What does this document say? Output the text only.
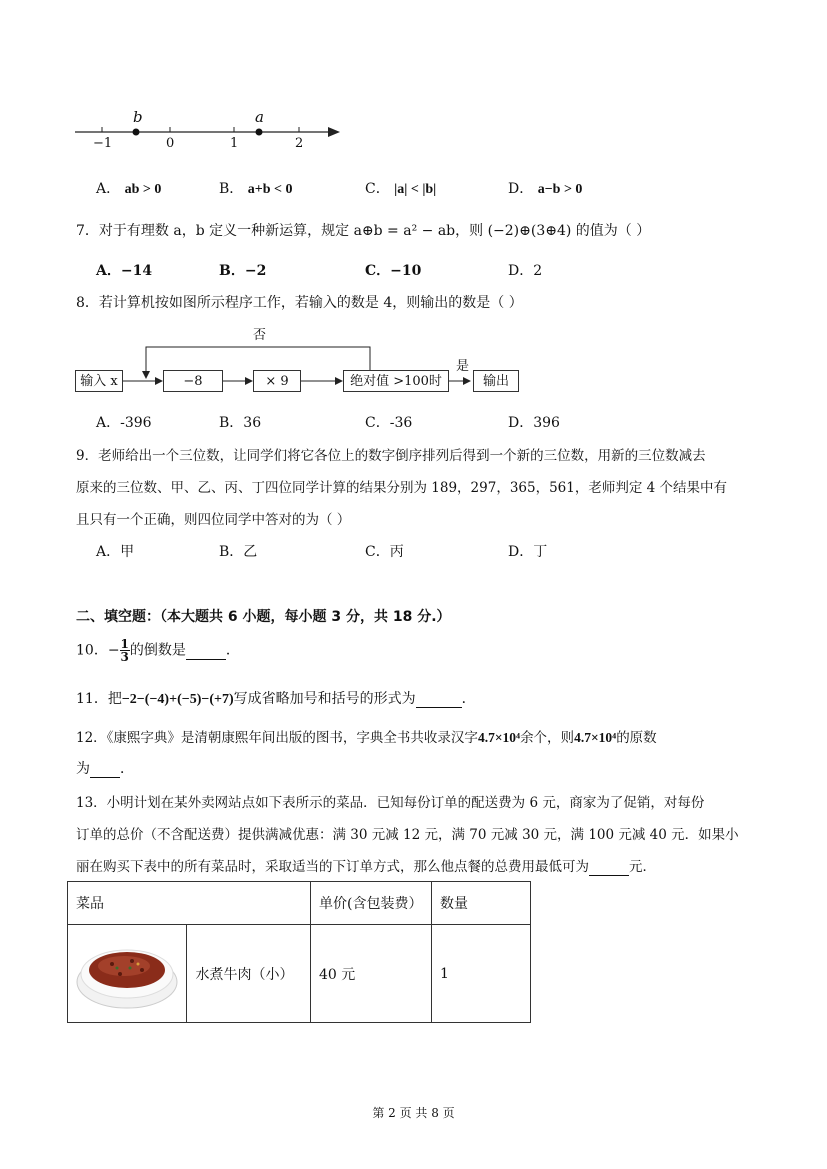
b	a
−1	0	1	2
A． ab > 0	B． a+b < 0	C． |a| < |b|	D． a−b > 0
7．对于有理数 a，b 定义一种新运算，规定 a⊕b = a² − ab，则 (−2)⊕(3⊕4) 的值为（ ）
A．−14	B．−2	C．−10	D．2
8．若计算机按如图所示程序工作，若输入的数是 4，则输出的数是（ ）
输入 x	−8	× 9	绝对值 >100时	输出
否
是
A．-396	B．36	C．-36	D．396
9．老师给出一个三位数，让同学们将它各位上的数字倒序排列后得到一个新的三位数，用新的三位数减去
原来的三位数、甲、乙、丙、丁四位同学计算的结果分别为 189，297，365，561，老师判定 4 个结果中有
且只有一个正确，则四位同学中答对的为（ ）
A．甲	B．乙	C．丙	D．丁
二、填空题：（本大题共 6 小题，每小题 3 分，共 18 分.）
10．− $\frac{1}{3}$ 的倒数是	．
11．把−2−(−4)+(−5)−(+7)写成省略加号和括号的形式为	．
12．《康熙字典》是清朝康熙年间出版的图书，字典全书共收录汉字4.7×10⁴余个，则4.7×10⁴的原数
为 ．
13．小明计划在某外卖网站点如下表所示的菜品．已知每份订单的配送费为 6 元，商家为了促销，对每份
订单的总价（不含配送费）提供满减优惠：满 30 元减 12 元，满 70 元减 30 元，满 100 元减 40 元．如果小
丽在购买下表中的所有菜品时，采取适当的下订单方式，那么他点餐的总费用最低可为	元．
菜品		单价(含包装费）	数量
	水煮牛肉（小）	40 元	1
第 2 页 共 8 页
